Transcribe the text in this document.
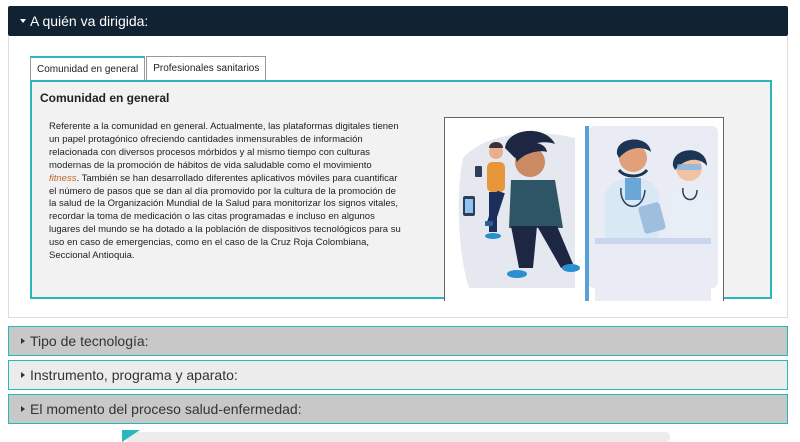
A quién va dirigida:
Comunidad en general Profesionales sanitarios
Comunidad en general

Referente a la comunidad en general. Actualmente, las plataformas digitales tienen un papel protagónico ofreciendo cantidades inmensurables de información relacionada con diversos procesos mórbidos y al mismo tiempo con culturas modernas de la promoción de hábitos de vida saludable como el movimiento fitness. También se han desarrollado diferentes aplicativos móviles para cuantificar el número de pasos que se dan al día promovido por la cultura de la promoción de la salud de la Organización Mundial de la Salud para monitorizar los signos vitales, recordar la toma de medicación o las citas programadas e incluso en algunos lugares del mundo se ha dotado a la población de dispositivos tecnológicos para su uso en caso de emergencias, como en el caso de la Cruz Roja Colombiana, Seccional Antioquia.

Tipo de tecnología:
Instrumento, programa y aparato:
El momento del proceso salud-enfermedad:
